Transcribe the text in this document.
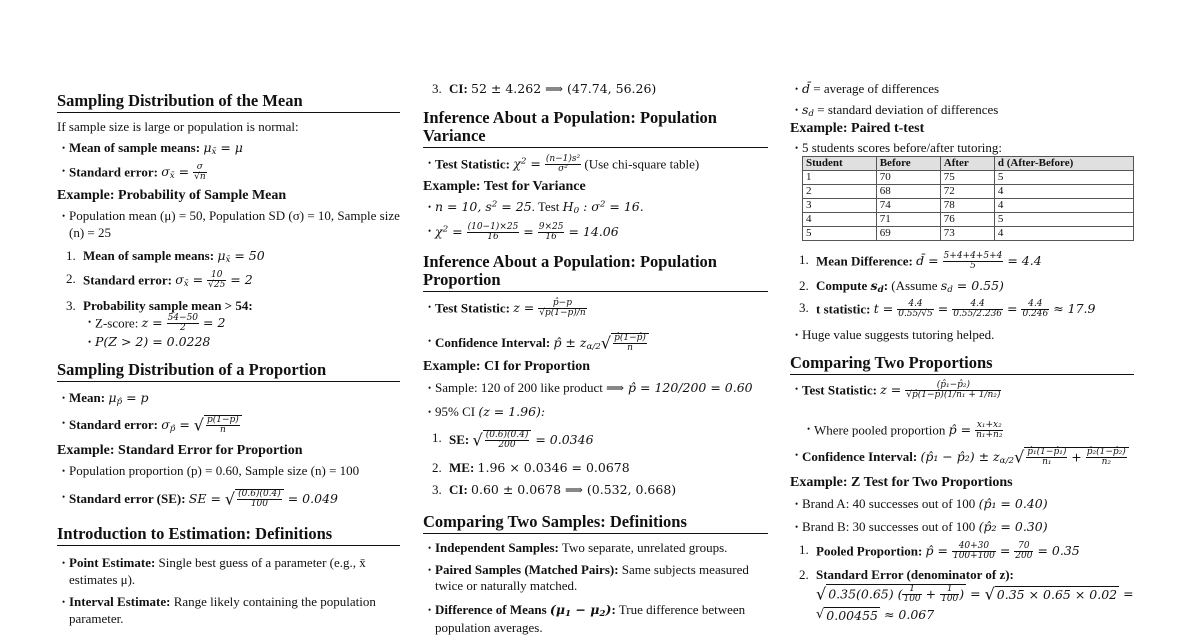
Sampling Distribution of the Mean

If sample size is large or population is normal:

• Mean of sample means: $\mu_{x̄} = \mu$
• Standard error: $\sigma_{x̄} = \frac{\sigma}{√n}$
Example: Probability of Sample Mean
• Population mean (μ) = 50, Population SD (σ) = 10, Sample size (n) = 25
1. Mean of sample means: $\mu_{x̄} = 50$
2. Standard error: $\sigma_{x̄} = \frac{10}{√25} = 2$
3. Probability sample mean > 54:
• Z-score: $z = \frac{54-50}{2} = 2$
• P(Z > 2) = 0.0228
Sampling Distribution of a Proportion
• Mean: $\mu_{p̂} = p$
• Standard error: $\sigma_{p̂}$ = √ $\frac{p(1-p)}{n}$
Example: Standard Error for Proportion
• Population proportion (p) = 0.60, Sample size (n) = 100
• Standard error (SE): SE = √ $\frac{(0.6)(0.4)}{100} = 0.049$
Introduction to Estimation: Definitions
• Point Estimate: Single best guess of a parameter (e.g., x̄ estimates μ).
• Interval Estimate: Range likely containing the population parameter.
3. CI: 52 ± 4.262 ⟹ (47.74, 56.26)
Inference About a Population: Population Variance
• Test Statistic: $\chi^2 = \frac{\text{(n−1)s²}}{\text{σ²}} (Use$ chi-square table)
Example: Test for Variance
• n = 10, $s^2 = 25$. Test $H_0$ : $\sigma^2 = 16$.
• $\chi^2 = \frac{(10-1)\times 25}{16} = \frac{9\times 25}{16} = 14.06$
Inference About a Population: Population Proportion
• Test Statistic: $z = \frac{p̂-p}{√p(1-p)/n}$
• Confidence Interval: p̂ ± $z_{\alpha/2}√ \frac{p̂(1-p̂)}{n}$
Example: CI for Proportion
• Sample: 120 of 200 like product ⟹ p̂ = 120/200 = 0.60
• 95% CI (z = 1.96):
1. SE: √ $\frac{(0.6)(0.4)}{200} = 0.0346$
2. ME: 1.96 × 0.0346 = 0.0678
3. CI: 0.60 ± 0.0678 ⟹ (0.532, 0.668)
Comparing Two Samples: Definitions
• Independent Samples: Two separate, unrelated groups.
• Paired Samples (Matched Pairs): Same subjects measured twice or naturally matched.
• Difference of Means $(\mu_1 - \mu_2)$: True difference between population averages.
• d̄ = average of differences
• $s_d$ = standard deviation of differences
Example: Paired t-test
• 5 students scores before/after tutoring:
Student	Before	After	d (After-Before)
1	70	75	5
2	68	72	4
3	74	78	4
4	71	76	5
5	69	73	4
1. Mean Difference: d̄ = $\frac{5+4+4+5+4}{5} = 4.4$
2. Compute $s_d$: (Assume $s_d = 0.55$)
3. t statistic: $t = \frac{4.4}{0.55/√5} = \frac{4.4}{0.55/2.236} = \frac{4.4}{0.246} \approx 17.9$
• Huge value suggests tutoring helped.
Comparing Two Proportions
• Test Statistic: $z = \frac{\text{(p̂₁−p̂₂)}}{\text{√p̂(1−p̂)(1/n₁ + 1/n₂)}}$
• Where pooled proportion p̂ = $\frac{\text{x₁+x₂}}{\text{n₁+n₂}}$
• Confidence Interval: (p̂₁ − p̂₂) ± $z_{\alpha/2}√ \frac{\text{p̂₁(1−p̂₁)}}{\text{n₁}} + \frac{\text{p̂₂(1−p̂₂)}}{\text{n₂}}$
Example: Z Test for Two Proportions
• Brand A: 40 successes out of 100 (p̂₁ = 0.40)
• Brand B: 30 successes out of 100 (p̂₂ = 0.30)
1. Pooled Proportion: p̂ = $\frac{40+30}{100+100} = \frac{70}{200} = 0.35$
2. Standard Error (denominator of z):
√ 0.35(0.65) ( $\frac{1}{100} + \frac{1}{100}$ ) = √ 0.35 × 0.65 × 0.02 =
√ 0.00455 ≈ 0.067
